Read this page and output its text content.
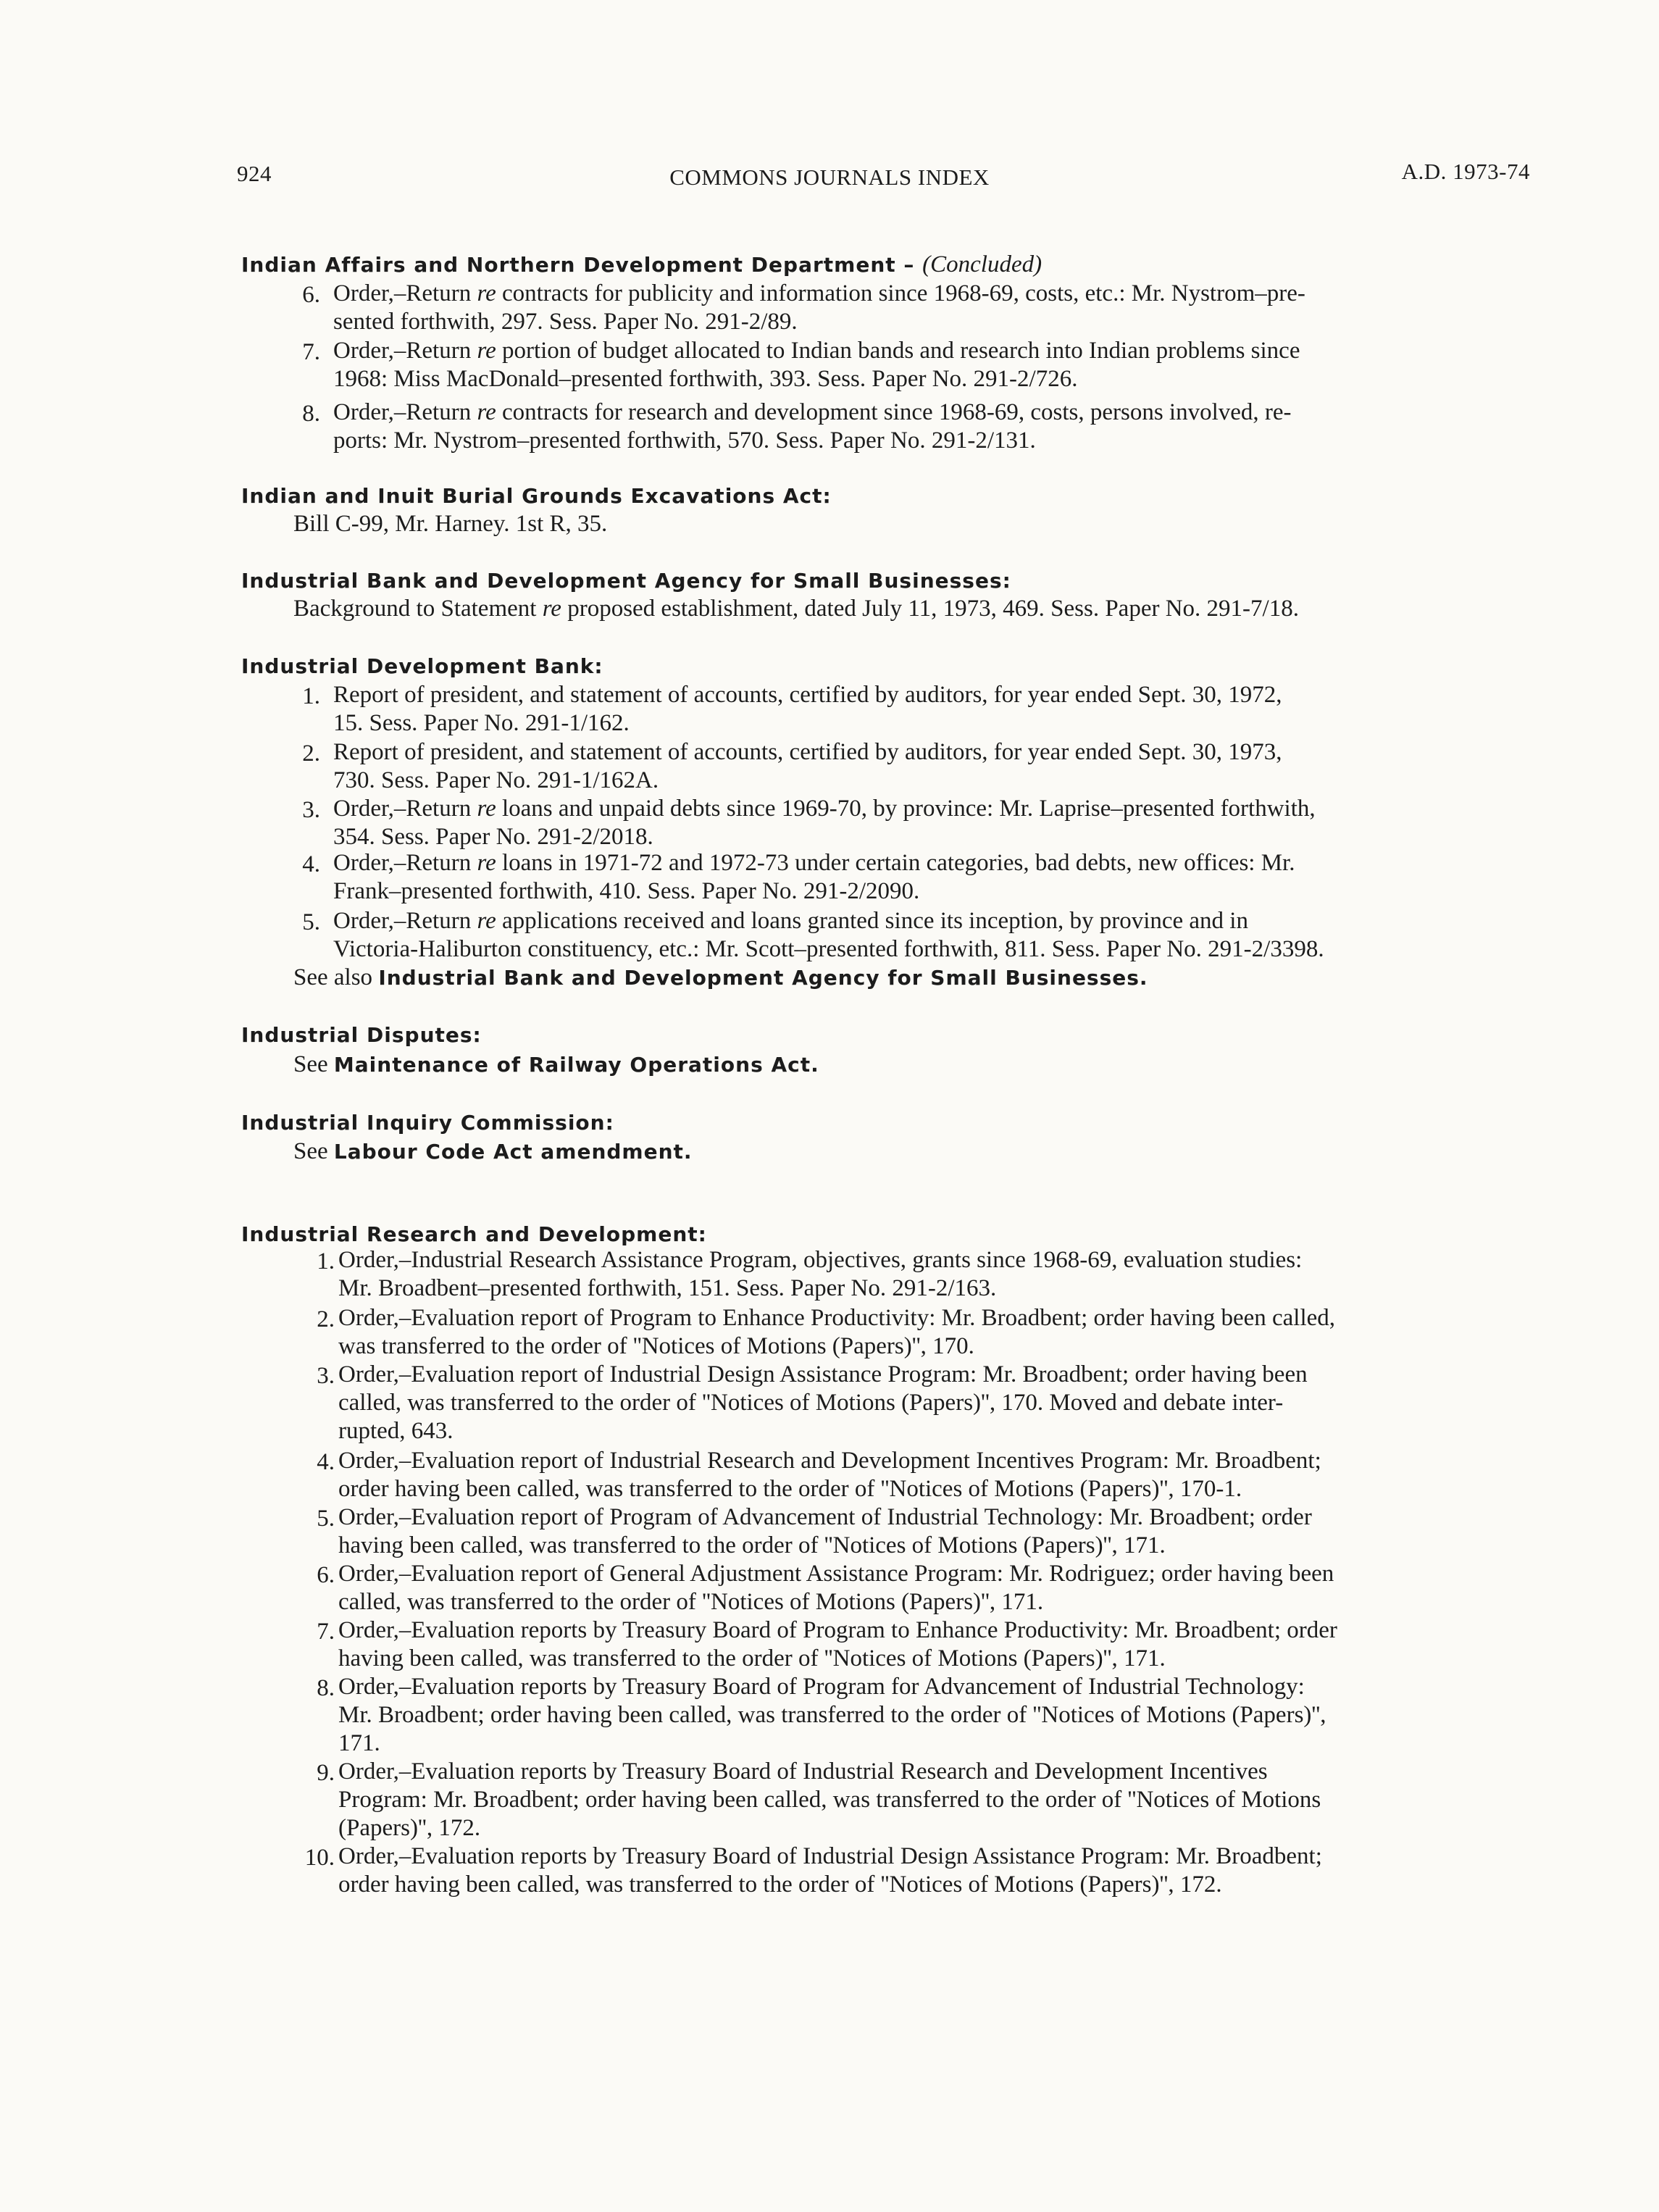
924	COMMONS JOURNALS INDEX	A.D. 1973-74
Indian Affairs and Northern Development Department – (Concluded)
6. Order,–Return re contracts for publicity and information since 1968-69, costs, etc.: Mr. Nystrom–pre-
sented forthwith, 297. Sess. Paper No. 291-2/89.
7. Order,–Return re portion of budget allocated to Indian bands and research into Indian problems since
1968: Miss MacDonald–presented forthwith, 393. Sess. Paper No. 291-2/726.
8. Order,–Return re contracts for research and development since 1968-69, costs, persons involved, re-
ports: Mr. Nystrom–presented forthwith, 570. Sess. Paper No. 291-2/131.
Indian and Inuit Burial Grounds Excavations Act:
Bill C-99, Mr. Harney. 1st R, 35.
Industrial Bank and Development Agency for Small Businesses:
Background to Statement re proposed establishment, dated July 11, 1973, 469. Sess. Paper No. 291-7/18.
Industrial Development Bank:
1. Report of president, and statement of accounts, certified by auditors, for year ended Sept. 30, 1972,
15. Sess. Paper No. 291-1/162.
2. Report of president, and statement of accounts, certified by auditors, for year ended Sept. 30, 1973,
730. Sess. Paper No. 291-1/162A.
3. Order,–Return re loans and unpaid debts since 1969-70, by province: Mr. Laprise–presented forthwith,
354. Sess. Paper No. 291-2/2018.
4. Order,–Return re loans in 1971-72 and 1972-73 under certain categories, bad debts, new offices: Mr.
Frank–presented forthwith, 410. Sess. Paper No. 291-2/2090.
5. Order,–Return re applications received and loans granted since its inception, by province and in
Victoria-Haliburton constituency, etc.: Mr. Scott–presented forthwith, 811. Sess. Paper No. 291-2/3398.
See also Industrial Bank and Development Agency for Small Businesses.
Industrial Disputes:
See Maintenance of Railway Operations Act.
Industrial Inquiry Commission:
See Labour Code Act amendment.
Industrial Research and Development:
1. Order,–Industrial Research Assistance Program, objectives, grants since 1968-69, evaluation studies:
Mr. Broadbent–presented forthwith, 151. Sess. Paper No. 291-2/163.
2. Order,–Evaluation report of Program to Enhance Productivity: Mr. Broadbent; order having been called,
was transferred to the order of ''Notices of Motions (Papers)'', 170.
3. Order,–Evaluation report of Industrial Design Assistance Program: Mr. Broadbent; order having been
called, was transferred to the order of ''Notices of Motions (Papers)'', 170. Moved and debate inter-
rupted, 643.
4. Order,–Evaluation report of Industrial Research and Development Incentives Program: Mr. Broadbent;
order having been called, was transferred to the order of ''Notices of Motions (Papers)'', 170-1.
5. Order,–Evaluation report of Program of Advancement of Industrial Technology: Mr. Broadbent; order
having been called, was transferred to the order of ''Notices of Motions (Papers)'', 171.
6. Order,–Evaluation report of General Adjustment Assistance Program: Mr. Rodriguez; order having been
called, was transferred to the order of ''Notices of Motions (Papers)'', 171.
7. Order,–Evaluation reports by Treasury Board of Program to Enhance Productivity: Mr. Broadbent; order
having been called, was transferred to the order of ''Notices of Motions (Papers)'', 171.
8. Order,–Evaluation reports by Treasury Board of Program for Advancement of Industrial Technology:
Mr. Broadbent; order having been called, was transferred to the order of ''Notices of Motions (Papers)'',
171.
9. Order,–Evaluation reports by Treasury Board of Industrial Research and Development Incentives
Program: Mr. Broadbent; order having been called, was transferred to the order of ''Notices of Motions
(Papers)'', 172.
10. Order,–Evaluation reports by Treasury Board of Industrial Design Assistance Program: Mr. Broadbent;
order having been called, was transferred to the order of ''Notices of Motions (Papers)'', 172.
